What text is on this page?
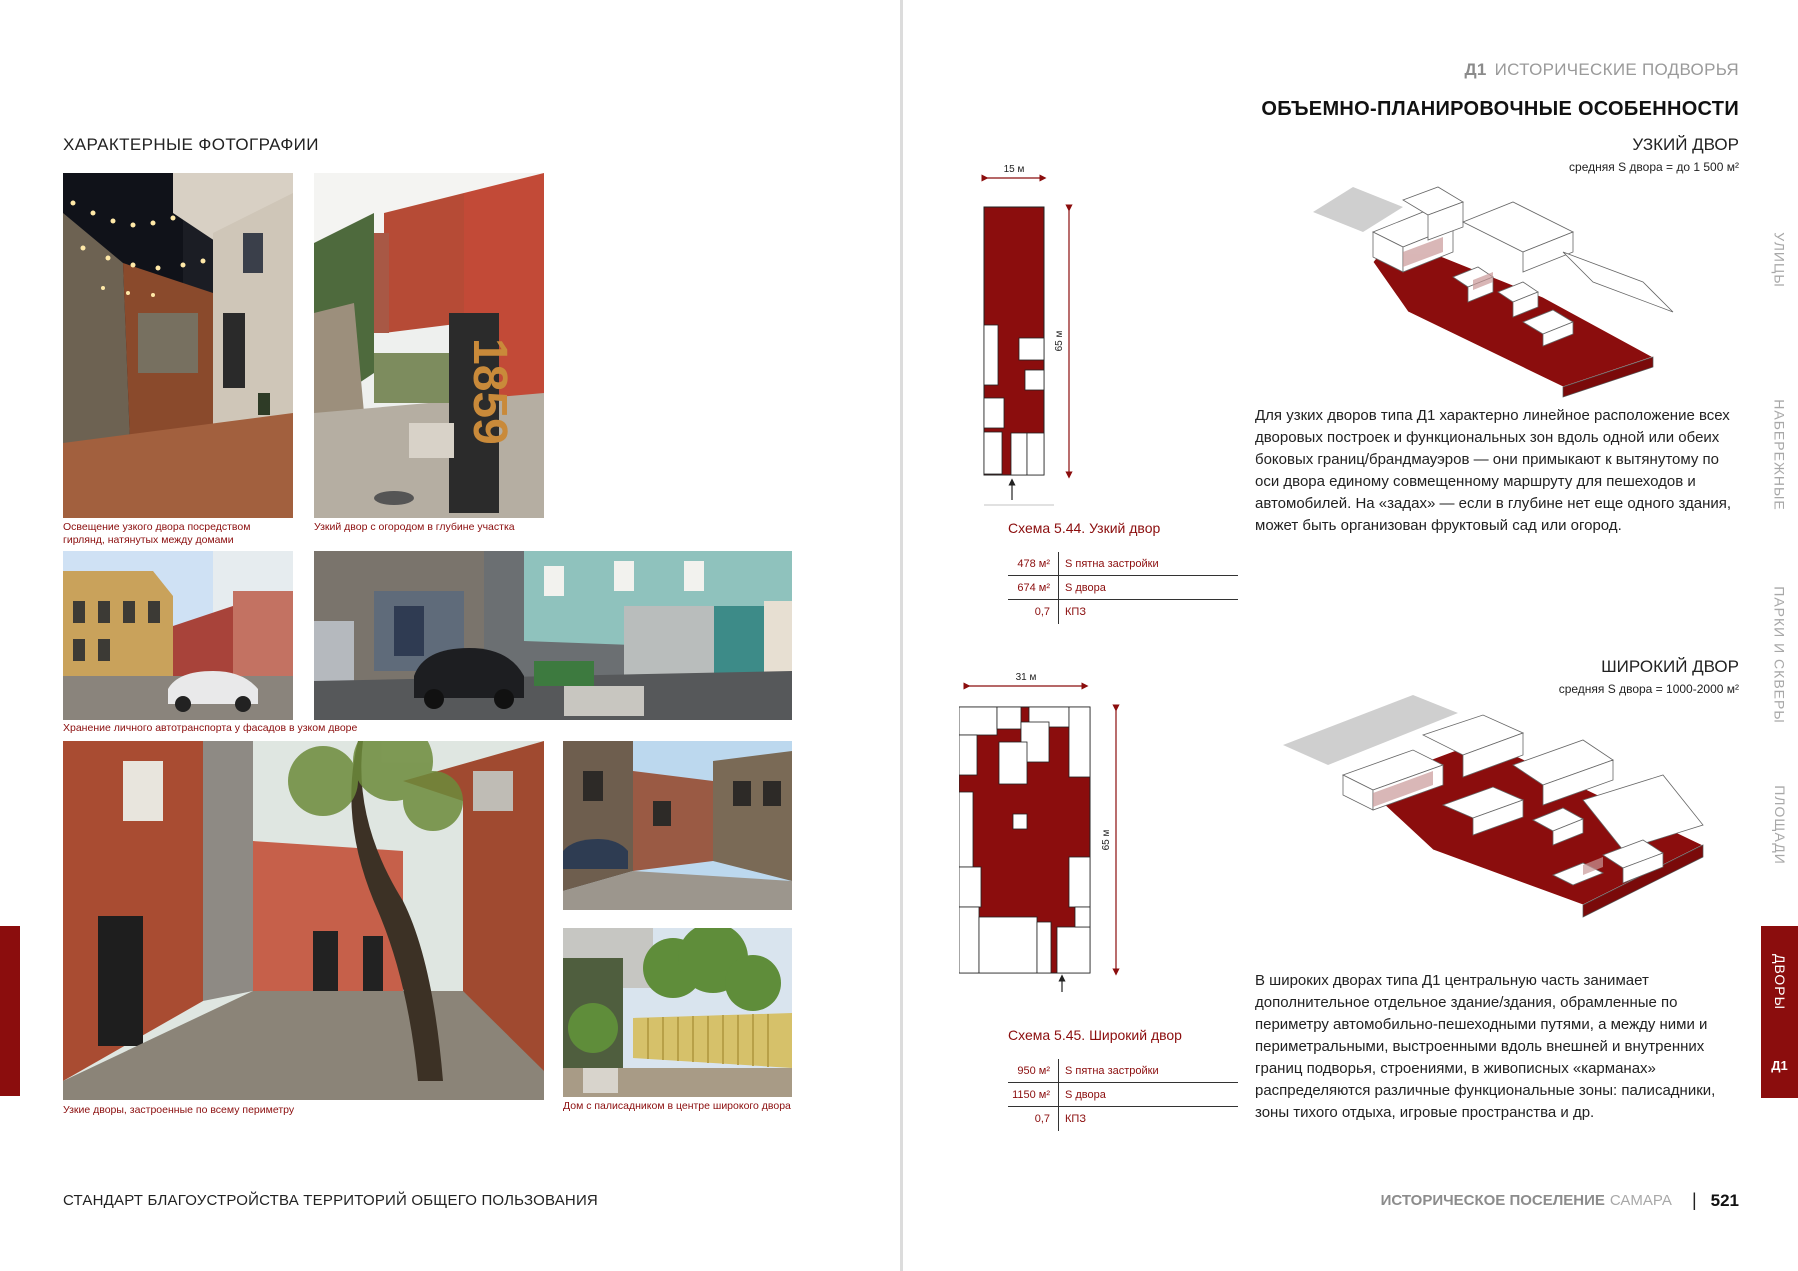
ХАРАКТЕРНЫЕ ФОТОГРАФИИ
Освещение узкого двора посредством гирлянд, натянутых между домами
1859
Узкий двор с огородом в глубине участка
Хранение личного автотранспорта у фасадов в узком дворе
Узкие дворы, застроенные по всему периметру	Дом с палисадником в центре широкого двора
СТАНДАРТ БЛАГОУСТРОЙСТВА ТЕРРИТОРИЙ ОБЩЕГО ПОЛЬЗОВАНИЯ
Д1 ИСТОРИЧЕСКИЕ ПОДВОРЬЯ
ОБЪЕМНО-ПЛАНИРОВОЧНЫЕ ОСОБЕННОСТИ
УЗКИЙ ДВОР
средняя S двора = до 1 500 м²
15 м
65 м
Схема 5.44. Узкий двор
478 м²	S пятна застройки
674 м²	S двора
0,7	КПЗ
Для узких дворов типа Д1 характерно линейное расположение всех дворовых построек и функциональных зон вдоль одной или обеих боковых границ/брандмауэров — они примыкают к вытянутому по оси двора единому совмещенному маршруту для пешеходов и автомобилей. На «задах» — если в глубине нет еще одного здания, может быть организован фруктовый сад или огород.
ШИРОКИЙ ДВОР
средняя S двора = 1000-2000 м²
31 м
65 м
Схема 5.45. Широкий двор
950 м²	S пятна застройки
1150 м²	S двора
0,7	КПЗ
В широких дворах типа Д1 центральную часть занимает дополнительное отдельное здание/здания, обрамленные по периметру автомобильно-пешеходными путями, а между ними и периметральными, выстроенными вдоль внешней и внутренних границ подворья, строениями, в живописных «карманах» распределяются различные функциональные зоны: палисадники, зоны тихого отдыха, игровые пространства и др.
УЛИЦЫ
НАБЕРЕЖНЫЕ
ПАРКИ И СКВЕРЫ
ПЛОЩАДИ
ДВОРЫ
Д1
ИСТОРИЧЕСКОЕ ПОСЕЛЕНИЕ САМАРА | 521
